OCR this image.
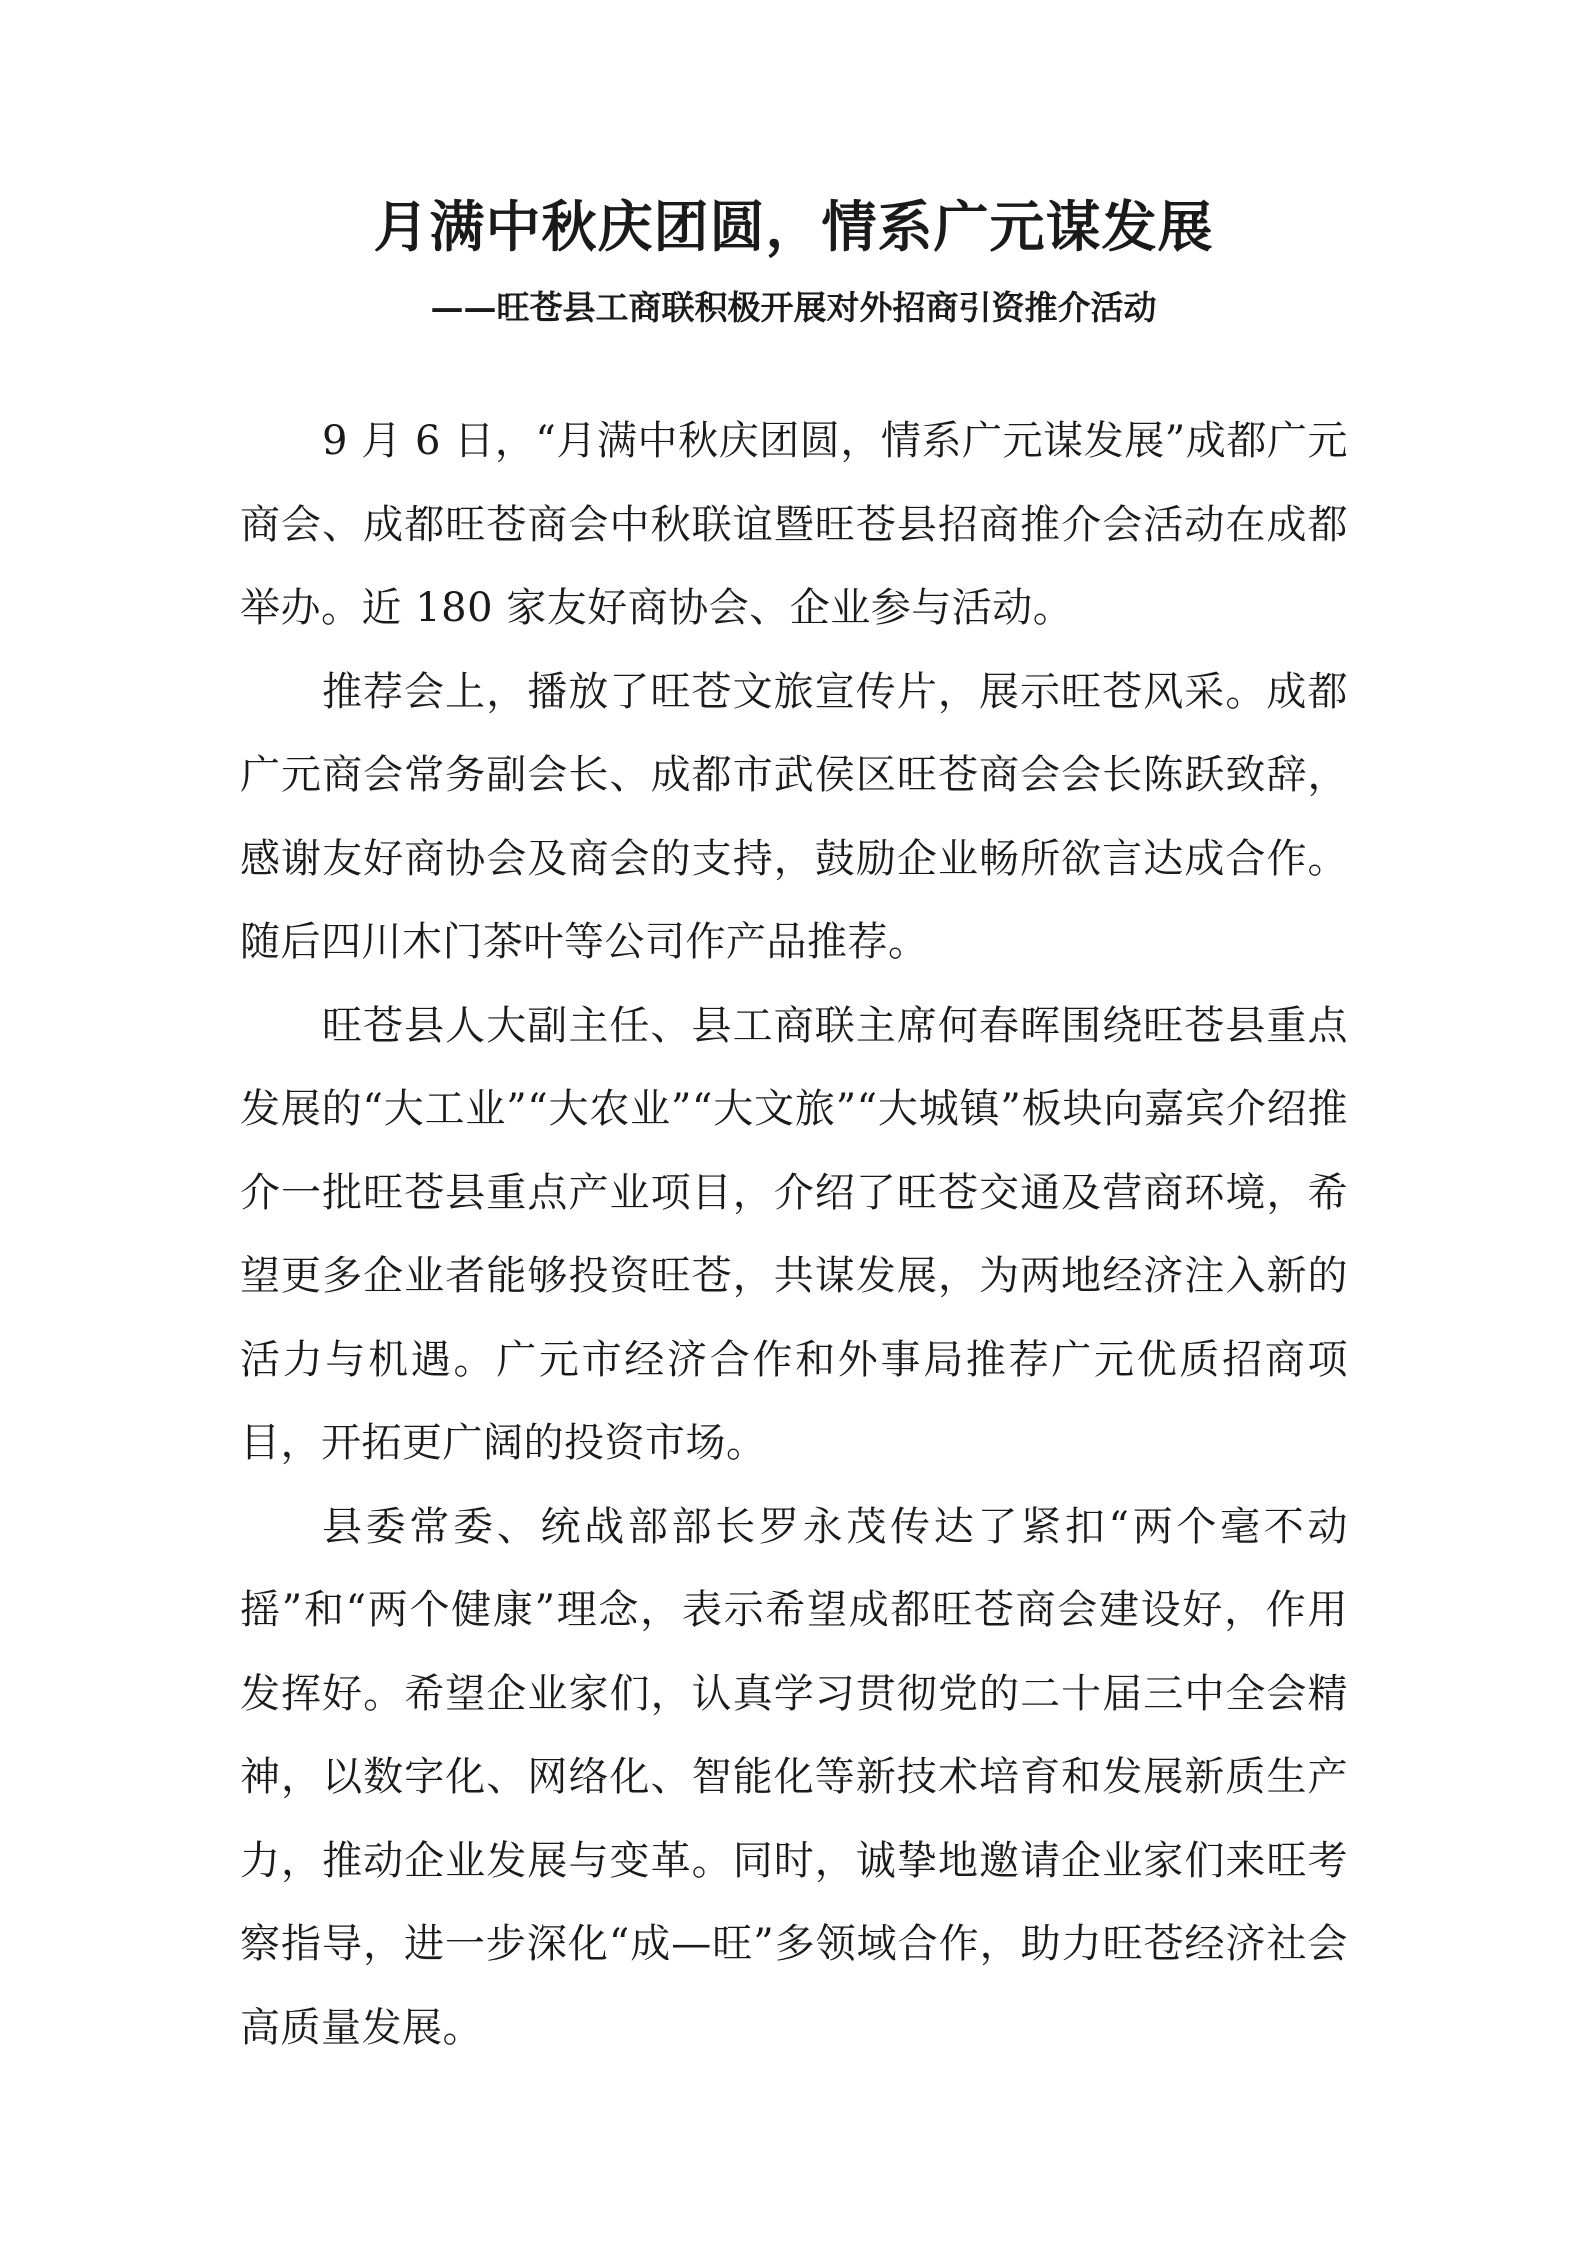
月满中秋庆团圆，情系广元谋发展
——旺苍县工商联积极开展对外招商引资推介活动

9 月 6 日，“月满中秋庆团圆，情系广元谋发展”成都广元商会、成都旺苍商会中秋联谊暨旺苍县招商推介会活动在成都举办。近 180 家友好商协会、企业参与活动。

推荐会上，播放了旺苍文旅宣传片，展示旺苍风采。成都广元商会常务副会长、成都市武侯区旺苍商会会长陈跃致辞，感谢友好商协会及商会的支持，鼓励企业畅所欲言达成合作。随后四川木门茶叶等公司作产品推荐。

旺苍县人大副主任、县工商联主席何春晖围绕旺苍县重点发展的“大工业”“大农业”“大文旅”“大城镇”板块向嘉宾介绍推介一批旺苍县重点产业项目，介绍了旺苍交通及营商环境，希望更多企业者能够投资旺苍，共谋发展，为两地经济注入新的活力与机遇。广元市经济合作和外事局推荐广元优质招商项目，开拓更广阔的投资市场。

县委常委、统战部部长罗永茂传达了紧扣“两个毫不动摇”和“两个健康”理念，表示希望成都旺苍商会建设好，作用发挥好。希望企业家们，认真学习贯彻党的二十届三中全会精神，以数字化、网络化、智能化等新技术培育和发展新质生产力，推动企业发展与变革。同时，诚挚地邀请企业家们来旺考察指导，进一步深化“成—旺”多领域合作，助力旺苍经济社会高质量发展。
